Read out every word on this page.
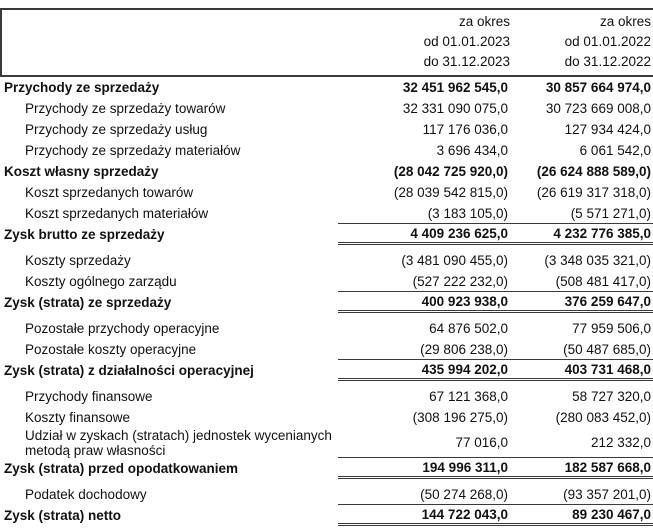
za okres
od 01.01.2023
do 31.12.2023
za okres
od 01.01.2022
do 31.12.2022
Przychody ze sprzedaży	32 451 962 545,0	30 857 664 974,0
Przychody ze sprzedaży towarów	32 331 090 075,0	30 723 669 008,0
Przychody ze sprzedaży usług	117 176 036,0	127 934 424,0
Przychody ze sprzedaży materiałów	3 696 434,0	6 061 542,0
Koszt własny sprzedaży	(28 042 725 920,0)	(26 624 888 589,0)
Koszt sprzedanych towarów	(28 039 542 815,0)	(26 619 317 318,0)
Koszt sprzedanych materiałów	(3 183 105,0)	(5 571 271,0)
Zysk brutto ze sprzedaży	4 409 236 625,0	4 232 776 385,0
Koszty sprzedaży	(3 481 090 455,0)	(3 348 035 321,0)
Koszty ogólnego zarządu	(527 222 232,0)	(508 481 417,0)
Zysk (strata) ze sprzedaży	400 923 938,0	376 259 647,0
Pozostałe przychody operacyjne	64 876 502,0	77 959 506,0
Pozostałe koszty operacyjne	(29 806 238,0)	(50 487 685,0)
Zysk (strata) z działalności operacyjnej	435 994 202,0	403 731 468,0
Przychody finansowe	67 121 368,0	58 727 320,0
Koszty finansowe	(308 196 275,0)	(280 083 452,0)
Udział w zyskach (stratach) jednostek wycenianych metodą praw własności
77 016,0	212 332,0
Zysk (strata) przed opodatkowaniem	194 996 311,0	182 587 668,0
Podatek dochodowy	(50 274 268,0)	(93 357 201,0)
Zysk (strata) netto	144 722 043,0	89 230 467,0
